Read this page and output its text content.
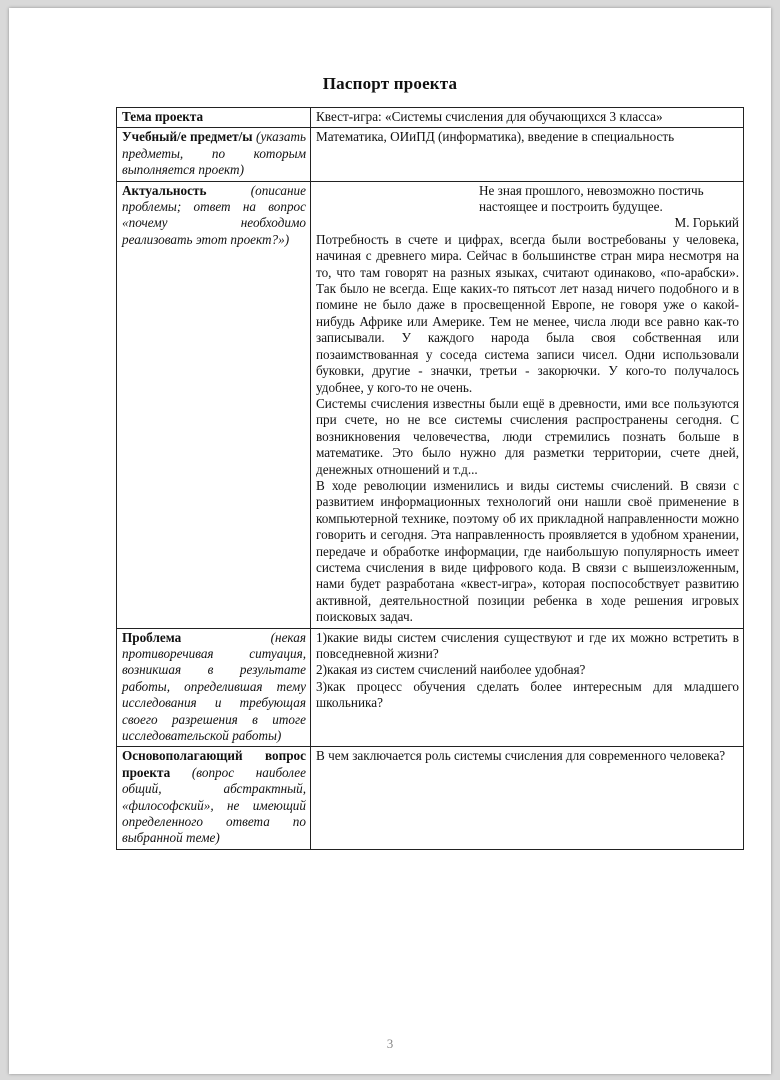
Паспорт проекта
Тема проекта	Квест-игра: «Системы счисления для обучающихся 3 класса»
Учебный/е предмет/ы (указать предметы, по которым выполняется проект)	Математика, ОИиПД (информатика), введение в специальность
Актуальность (описание проблемы; ответ на вопрос «почему необходимо реализовать этот проект?»)	Не зная прошлого, невозможно постичь настоящее и построить будущее.
М. Горький

Потребность в счете и цифрах, всегда были востребованы у человека, начиная с древнего мира. Сейчас в большинстве стран мира несмотря на то, что там говорят на разных языках, считают одинаково, «по-арабски». Так было не всегда. Еще каких-то пятьсот лет назад ничего подобного и в помине не было даже в просвещенной Европе, не говоря уже о какой-нибудь Африке или Америке. Тем не менее, числа люди все равно как-то записывали. У каждого народа была своя собственная или позаимствованная у соседа система записи чисел. Одни использовали буковки, другие - значки, третьи - закорючки. У кого-то получалось удобнее, у кого-то не очень.

Системы счисления известны были ещё в древности, ими все пользуются при счете, но не все системы счисления распространены сегодня. С возникновения человечества, люди стремились познать больше в математике. Это было нужно для разметки территории, счете дней, денежных отношений и т.д...

В ходе революции изменились и виды системы счислений. В связи с развитием информационных технологий они нашли своё применение в компьютерной технике, поэтому об их прикладной направленности можно говорить и сегодня. Эта направленность проявляется в удобном хранении, передаче и обработке информации, где наибольшую популярность имеет система счисления в виде цифрового кода. В связи с вышеизложенным, нами будет разработана «квест-игра», которая поспособствует развитию активной, деятельностной позиции ребенка в ходе решения игровых поисковых задач.

Проблема (некая противоречивая ситуация, возникшая в результате работы, определившая тему исследования и требующая своего разрешения в итоге исследовательской работы)	1)какие виды систем счисления существуют и где их можно встретить в повседневной жизни?

2)какая из систем счислений наиболее удобная?

3)как процесс обучения сделать более интересным для младшего школьника?

Основополагающий вопрос проекта (вопрос наиболее общий, абстрактный, «философский», не имеющий определенного ответа по выбранной теме)	В чем заключается роль системы счисления для современного человека?
3
